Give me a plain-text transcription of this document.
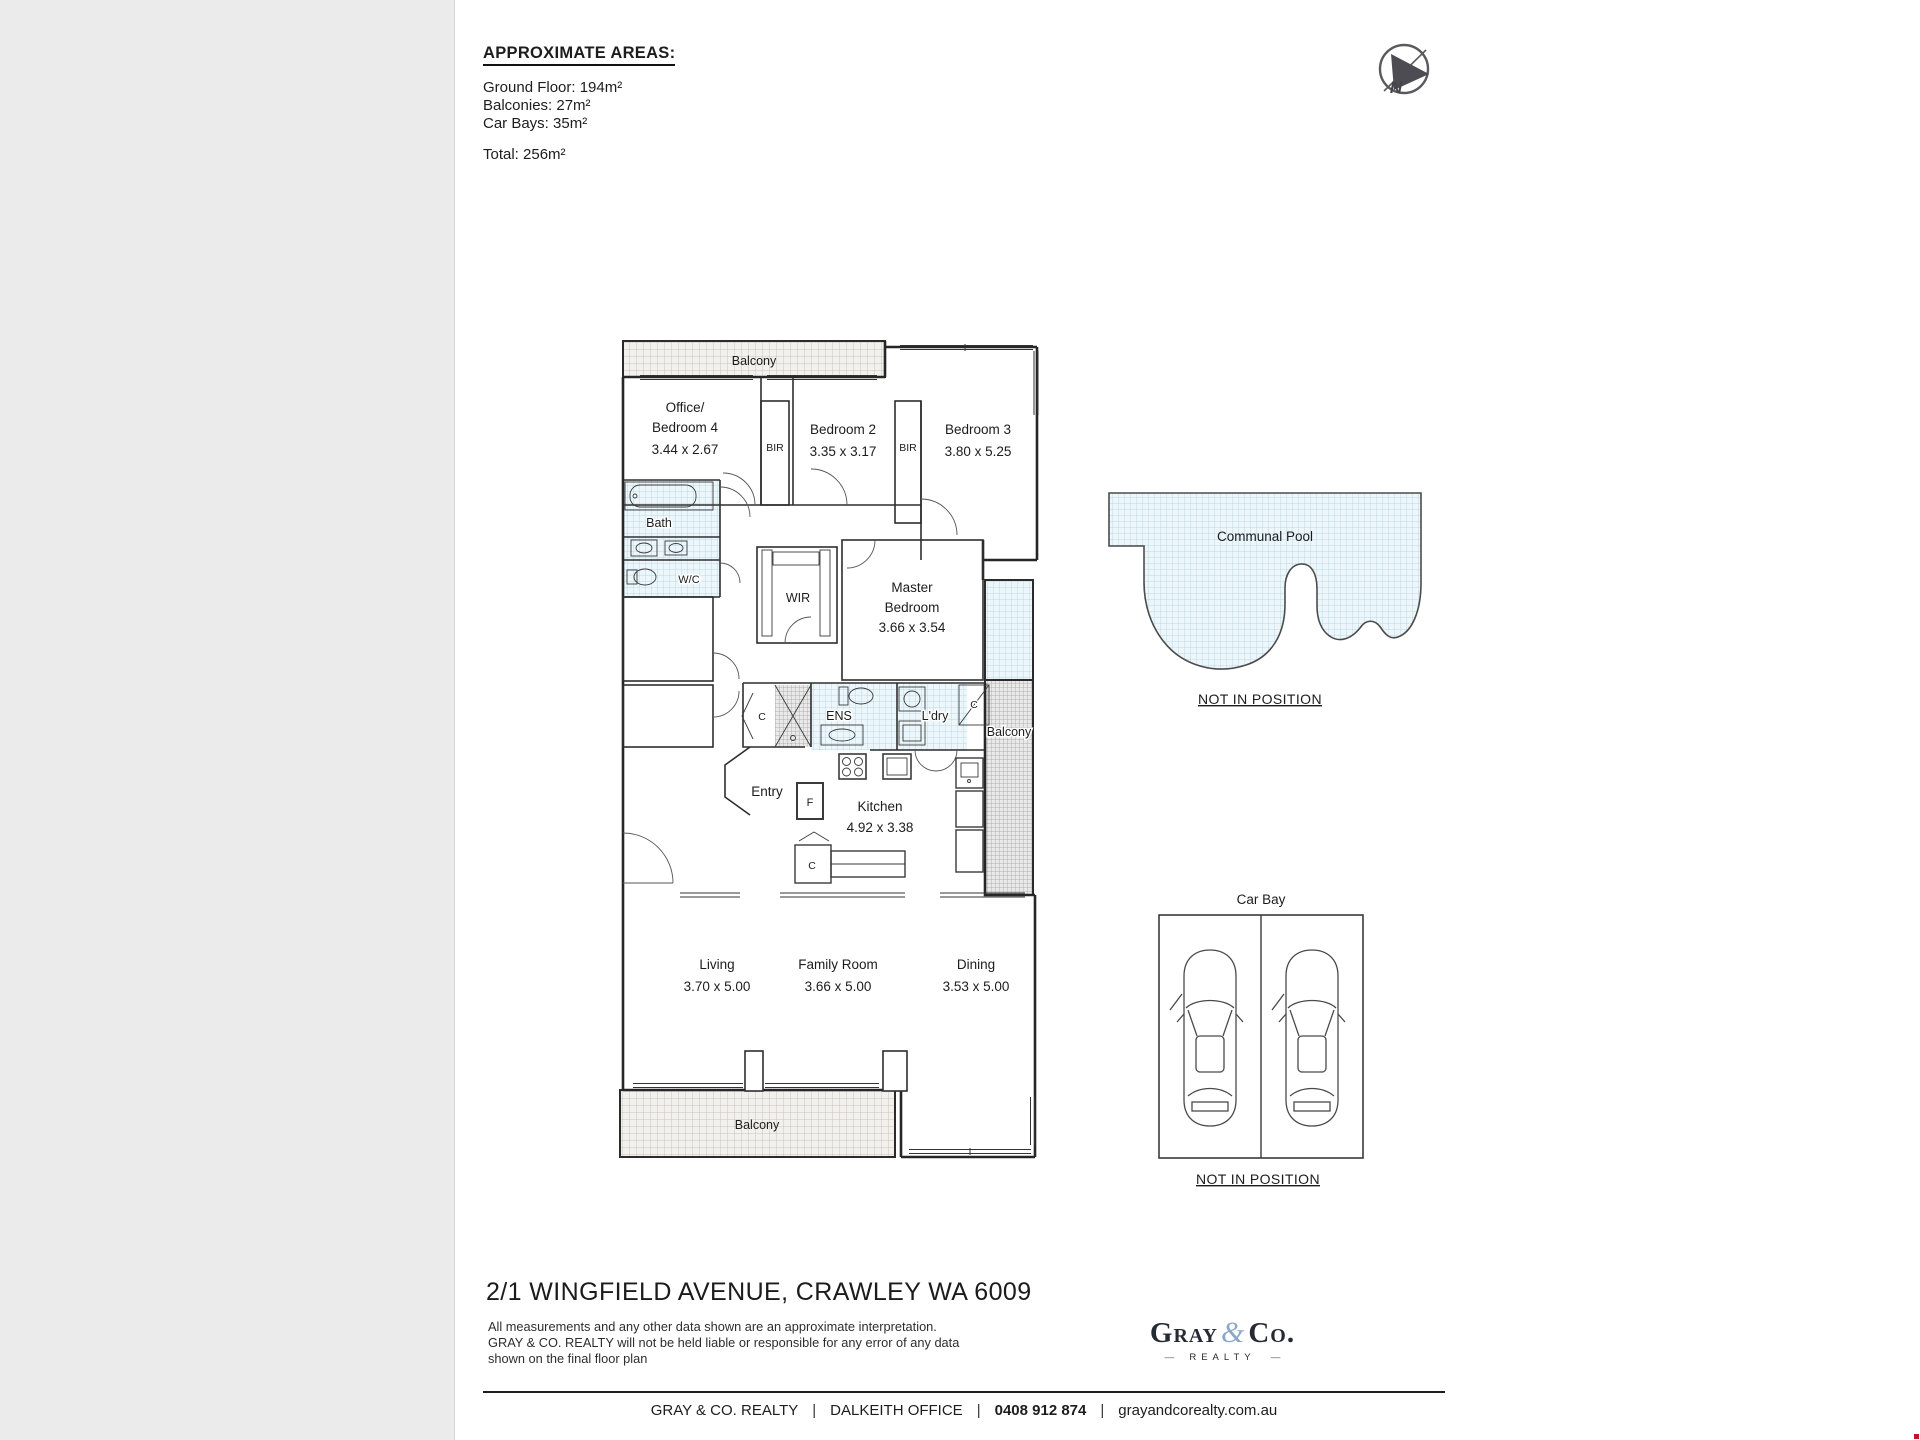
APPROXIMATE AREAS:
Ground Floor: 194m²
Balconies: 27m²
Car Bays: 35m²
Total: 256m²
N
Balcony
Office/
Bedroom 4
3.44 x 2.67	BIR
Bedroom 2
3.35 x 3.17 BIR
Bedroom 3
3.80 x 5.25
Bath
W/C
WIR
Master
Bedroom
3.66 x 3.54
C	ENS	L'dry
C
Balcony
F
Entry
Kitchen
4.92 x 3.38
C
Living
3.70 x 5.00
Family Room
3.66 x 5.00
Dining
3.53 x 5.00
Balcony
Communal Pool
NOT IN POSITION
Car Bay
NOT IN POSITION
2/1 WINGFIELD AVENUE, CRAWLEY WA 6009
All measurements and any other data shown are an approximate interpretation.
GRAY & CO. REALTY will not be held liable or responsible for any error of any data
shown on the final floor plan
Gray & Co.
— REALTY —
GRAY & CO. REALTY | DALKEITH OFFICE | 0408 912 874 | grayandcorealty.com.au
